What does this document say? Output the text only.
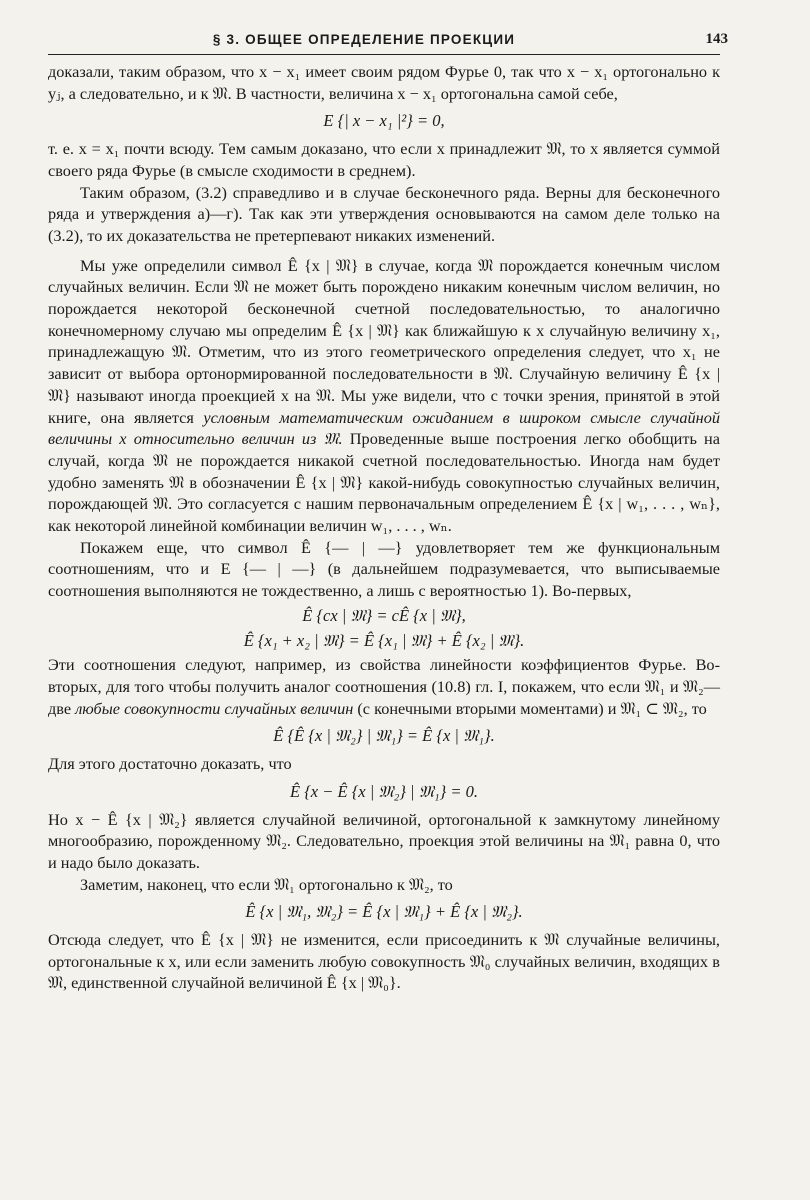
§ 3. ОБЩЕЕ ОПРЕДЕЛЕНИЕ ПРОЕКЦИИ	143

доказали, таким образом, что x − x₁ имеет своим рядом Фурье 0, так что x − x₁ ортогонально к yⱼ, а следовательно, и к 𝔐. В частности, величина x − x₁ ортогональна самой себе,

E {| x − x₁ |²} = 0,

т. е. x = x₁ почти всюду. Тем самым доказано, что если x принадлежит 𝔐, то x является суммой своего ряда Фурье (в смысле сходимости в среднем).

Таким образом, (3.2) справедливо и в случае бесконечного ряда. Верны для бесконечного ряда и утверждения а)—г). Так как эти утверждения основываются на самом деле только на (3.2), то их доказательства не претерпевают никаких изменений.

Мы уже определили символ Ê {x | 𝔐} в случае, когда 𝔐 порождается конечным числом случайных величин. Если 𝔐 не может быть порождено никаким конечным числом величин, но порождается некоторой бесконечной счетной последовательностью, то аналогично конечномерному случаю мы определим Ê {x | 𝔐} как ближайшую к x случайную величину x₁, принадлежащую 𝔐. Отметим, что из этого геометрического определения следует, что x₁ не зависит от выбора ортонормированной последовательности в 𝔐. Случайную величину Ê {x | 𝔐} называют иногда проекцией x на 𝔐. Мы уже видели, что с точки зрения, принятой в этой книге, она является условным математическим ожиданием в широком смысле случайной величины x относительно величин из 𝔐. Проведенные выше построения легко обобщить на случай, когда 𝔐 не порождается никакой счетной последовательностью. Иногда нам будет удобно заменять 𝔐 в обозначении Ê {x | 𝔐} какой-нибудь совокупностью случайных величин, порождающей 𝔐. Это согласуется с нашим первоначальным определением Ê {x | w₁, . . . , wₙ}, как некоторой линейной комбинации величин w₁, . . . , wₙ.

Покажем еще, что символ Ê {— | —} удовлетворяет тем же функциональным соотношениям, что и E {— | —} (в дальнейшем подразумевается, что выписываемые соотношения выполняются не тождественно, а лишь с вероятностью 1). Во-первых,

Ê {cx | 𝔐} = cÊ {x | 𝔐},
Ê {x₁ + x₂ | 𝔐} = Ê {x₁ | 𝔐} + Ê {x₂ | 𝔐}.

Эти соотношения следуют, например, из свойства линейности коэффициентов Фурье. Во-вторых, для того чтобы получить аналог соотношения (10.8) гл. I, покажем, что если 𝔐₁ и 𝔐₂—две любые совокупности случайных величин (с конечными вторыми моментами) и 𝔐₁ ⊂ 𝔐₂, то

Ê {Ê {x | 𝔐₂} | 𝔐₁} = Ê {x | 𝔐₁}.

Для этого достаточно доказать, что

Ê {x − Ê {x | 𝔐₂} | 𝔐₁} = 0.

Но x − Ê {x | 𝔐₂} является случайной величиной, ортогональной к замкнутому линейному многообразию, порожденному 𝔐₂. Следовательно, проекция этой величины на 𝔐₁ равна 0, что и надо было доказать.

Заметим, наконец, что если 𝔐₁ ортогонально к 𝔐₂, то

Ê {x | 𝔐₁, 𝔐₂} = Ê {x | 𝔐₁} + Ê {x | 𝔐₂}.

Отсюда следует, что Ê {x | 𝔐} не изменится, если присоединить к 𝔐 случайные величины, ортогональные к x, или если заменить любую совокупность 𝔐₀ случайных величин, входящих в 𝔐, единственной случайной величиной Ê {x | 𝔐₀}.
